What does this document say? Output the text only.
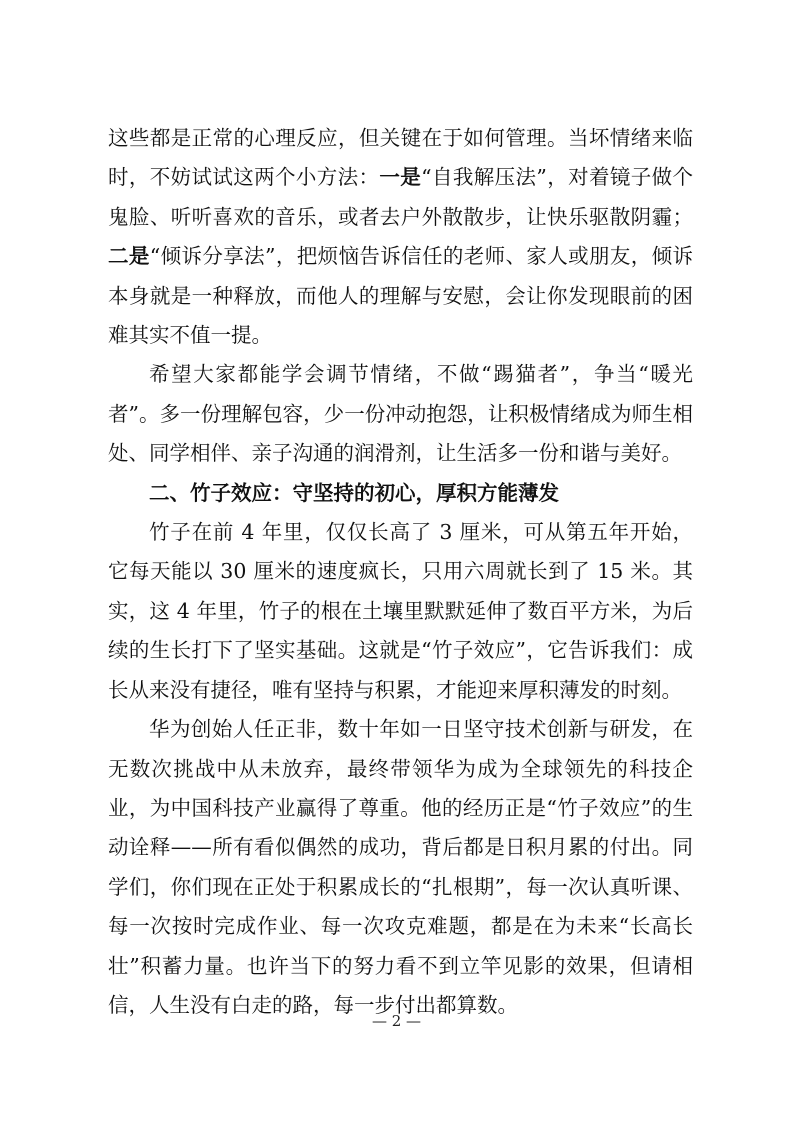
这些都是正常的心理反应，但关键在于如何管理。当坏情绪来临时，不妨试试这两个小方法：一是“自我解压法”，对着镜子做个鬼脸、听听喜欢的音乐，或者去户外散散步，让快乐驱散阴霾；二是“倾诉分享法”，把烦恼告诉信任的老师、家人或朋友，倾诉本身就是一种释放，而他人的理解与安慰，会让你发现眼前的困难其实不值一提。

希望大家都能学会调节情绪，不做“踢猫者”，争当“暖光者”。多一份理解包容，少一份冲动抱怨，让积极情绪成为师生相处、同学相伴、亲子沟通的润滑剂，让生活多一份和谐与美好。

二、竹子效应：守坚持的初心，厚积方能薄发

竹子在前 4 年里，仅仅长高了 3 厘米，可从第五年开始，它每天能以 30 厘米的速度疯长，只用六周就长到了 15 米。其实，这 4 年里，竹子的根在土壤里默默延伸了数百平方米，为后续的生长打下了坚实基础。这就是“竹子效应”，它告诉我们：成长从来没有捷径，唯有坚持与积累，才能迎来厚积薄发的时刻。

华为创始人任正非，数十年如一日坚守技术创新与研发，在无数次挑战中从未放弃，最终带领华为成为全球领先的科技企业，为中国科技产业赢得了尊重。他的经历正是“竹子效应”的生动诠释——所有看似偶然的成功，背后都是日积月累的付出。同学们，你们现在正处于积累成长的“扎根期”，每一次认真听课、每一次按时完成作业、每一次攻克难题，都是在为未来“长高长壮”积蓄力量。也许当下的努力看不到立竿见影的效果，但请相信，人生没有白走的路，每一步付出都算数。

— 2 —
